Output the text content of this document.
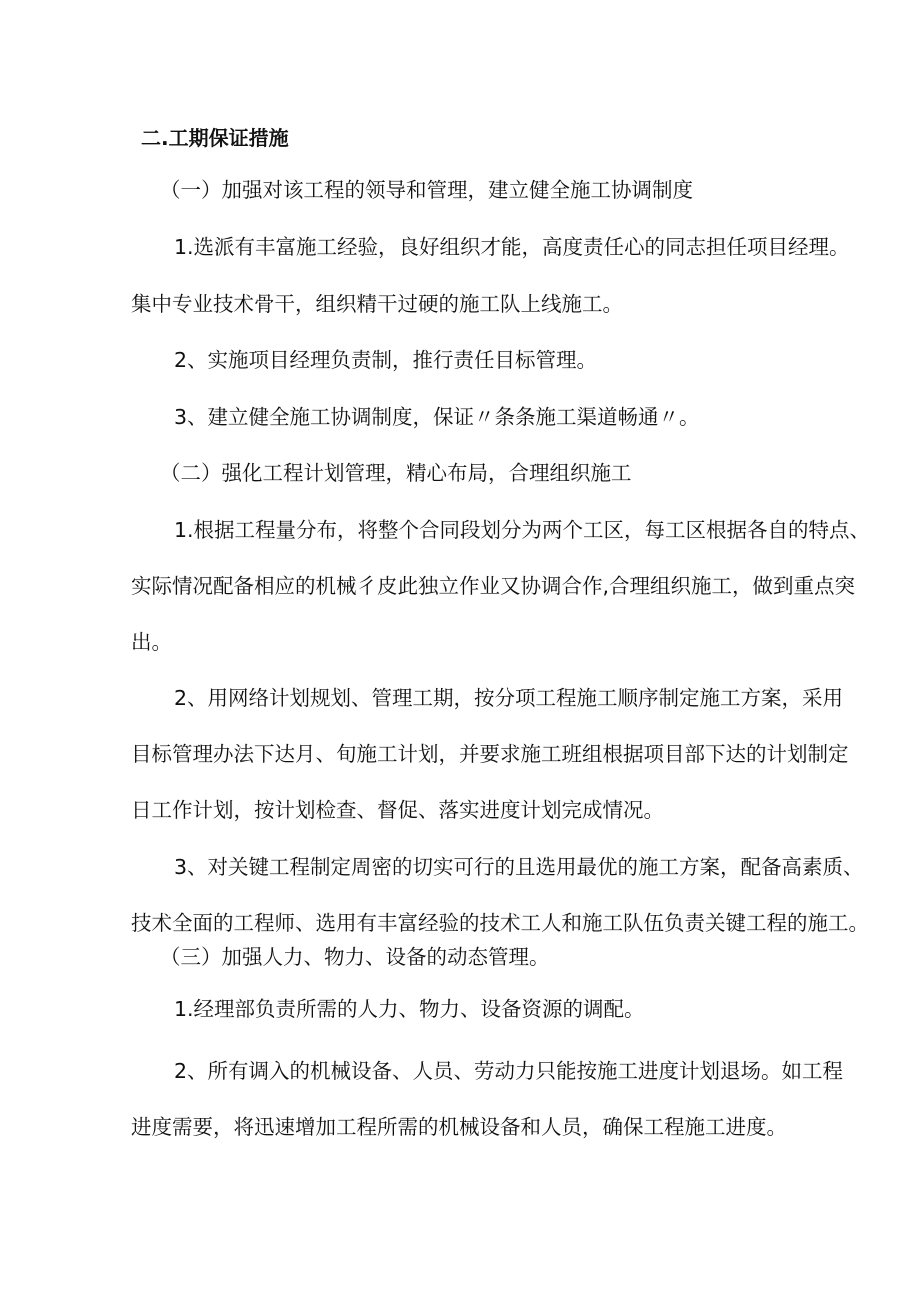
二.工期保证措施
（一）加强对该工程的领导和管理，建立健全施工协调制度
1.选派有丰富施工经验，良好组织才能，高度责任心的同志担任项目经理。
集中专业技术骨干，组织精干过硬的施工队上线施工。
2、实施项目经理负责制，推行责任目标管理。
3、建立健全施工协调制度，保证〃条条施工渠道畅通〃。
（二）强化工程计划管理，精心布局，合理组织施工
1.根据工程量分布，将整个合同段划分为两个工区，每工区根据各自的特点、
实际情况配备相应的机械彳皮此独立作业又协调合作,合理组织施工，做到重点突
出。
2、用网络计划规划、管理工期，按分项工程施工顺序制定施工方案，采用
目标管理办法下达月、旬施工计划，并要求施工班组根据项目部下达的计划制定
日工作计划，按计划检查、督促、落实进度计划完成情况。
3、对关键工程制定周密的切实可行的且选用最优的施工方案，配备高素质、
技术全面的工程师、选用有丰富经验的技术工人和施工队伍负责关键工程的施工。
（三）加强人力、物力、设备的动态管理。
1.经理部负责所需的人力、物力、设备资源的调配。
2、所有调入的机械设备、人员、劳动力只能按施工进度计划退场。如工程
进度需要，将迅速增加工程所需的机械设备和人员，确保工程施工进度。
